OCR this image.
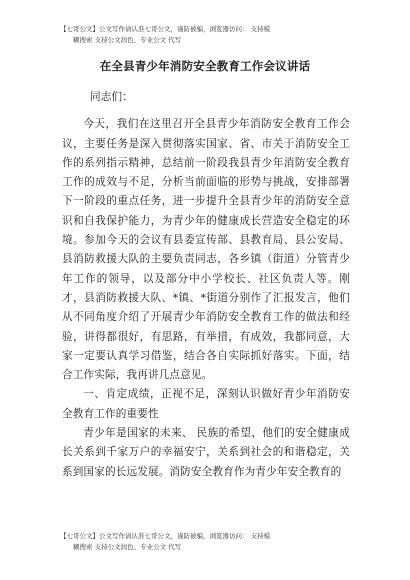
【七哥公文】公文写作请认准七哥公文，谨防被骗，浏览器访问： 支持模
糊搜索 支持公文润色、专业公文 代写
在全县青少年消防安全教育工作会议讲话

同志们：

今天，我们在这里召开全县青少年消防安全教育工作会议，主要任务是深入贯彻落实国家、省、市关于消防安全工作的系列指示精神，总结前一阶段我县青少年消防安全教育工作的成效与不足，分析当前面临的形势与挑战，安排部署下一阶段的重点任务，进一步提升全县青少年的消防安全意识和自我保护能力，为青少年的健康成长营造安全稳定的环境。参加今天的会议有县委宣传部、县教育局、县公安局、县消防救援大队的主要负责同志，各乡镇（街道）分管青少年工作的领导，以及部分中小学校长、社区负责人等。刚才，县消防救援大队、*镇、*街道分别作了汇报发言，他们从不同角度介绍了开展青少年消防安全教育工作的做法和经验，讲得都很好，有思路，有举措，有成效，我都同意，大家一定要认真学习借鉴，结合各自实际抓好落实。下面，结合工作实际，我再讲几点意见。

一、肯定成绩，正视不足，深刻认识做好青少年消防安全教育工作的重要性

青少年是国家的未来、 民族的希望，他们的安全健康成 长关系到千家万户的幸福安宁，关系到社会的和谐稳定，关 系到国家的长远发展。消防安全教育作为青少年安全教育的

【七哥公文】公文写作请认准七哥公文，谨防被骗，浏览器访问： 支持模
糊搜索 支持公文润色、专业公文 代写
